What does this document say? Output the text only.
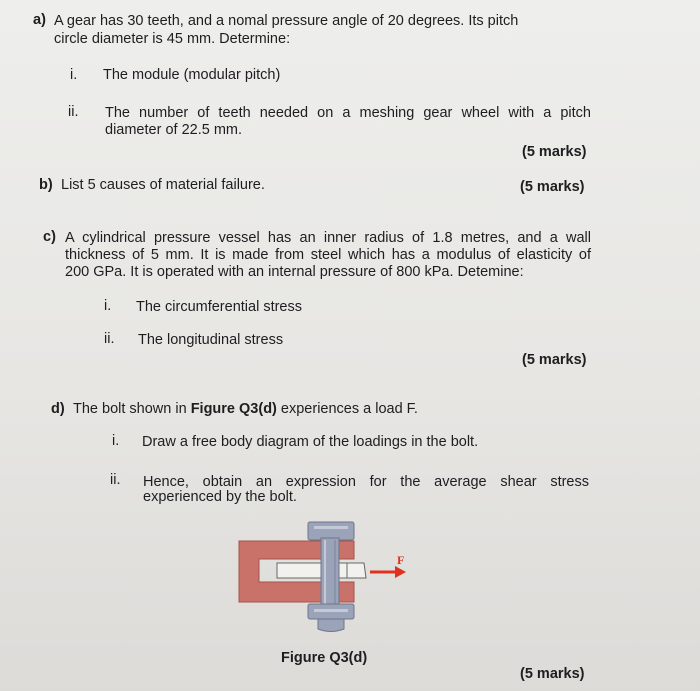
a) A gear has 30 teeth, and a nomal pressure angle of 20 degrees. Its pitch
circle diameter is 45 mm. Determine:
i. The module (modular pitch)
ii. The number of teeth needed on a meshing gear wheel with a pitch
diameter of 22.5 mm.
(5 marks)
b) List 5 causes of material failure.	(5 marks)
c) A cylindrical pressure vessel has an inner radius of 1.8 metres, and a wall
thickness of 5 mm. It is made from steel which has a modulus of elasticity of
200 GPa. It is operated with an internal pressure of 800 kPa. Detemine:
i. The circumferential stress
ii. The longitudinal stress
(5 marks)
d) The bolt shown in Figure Q3(d) experiences a load F.
i. Draw a free body diagram of the loadings in the bolt.
ii. Hence, obtain an expression for the average shear stress
experienced by the bolt.
F
Figure Q3(d)
(5 marks)
